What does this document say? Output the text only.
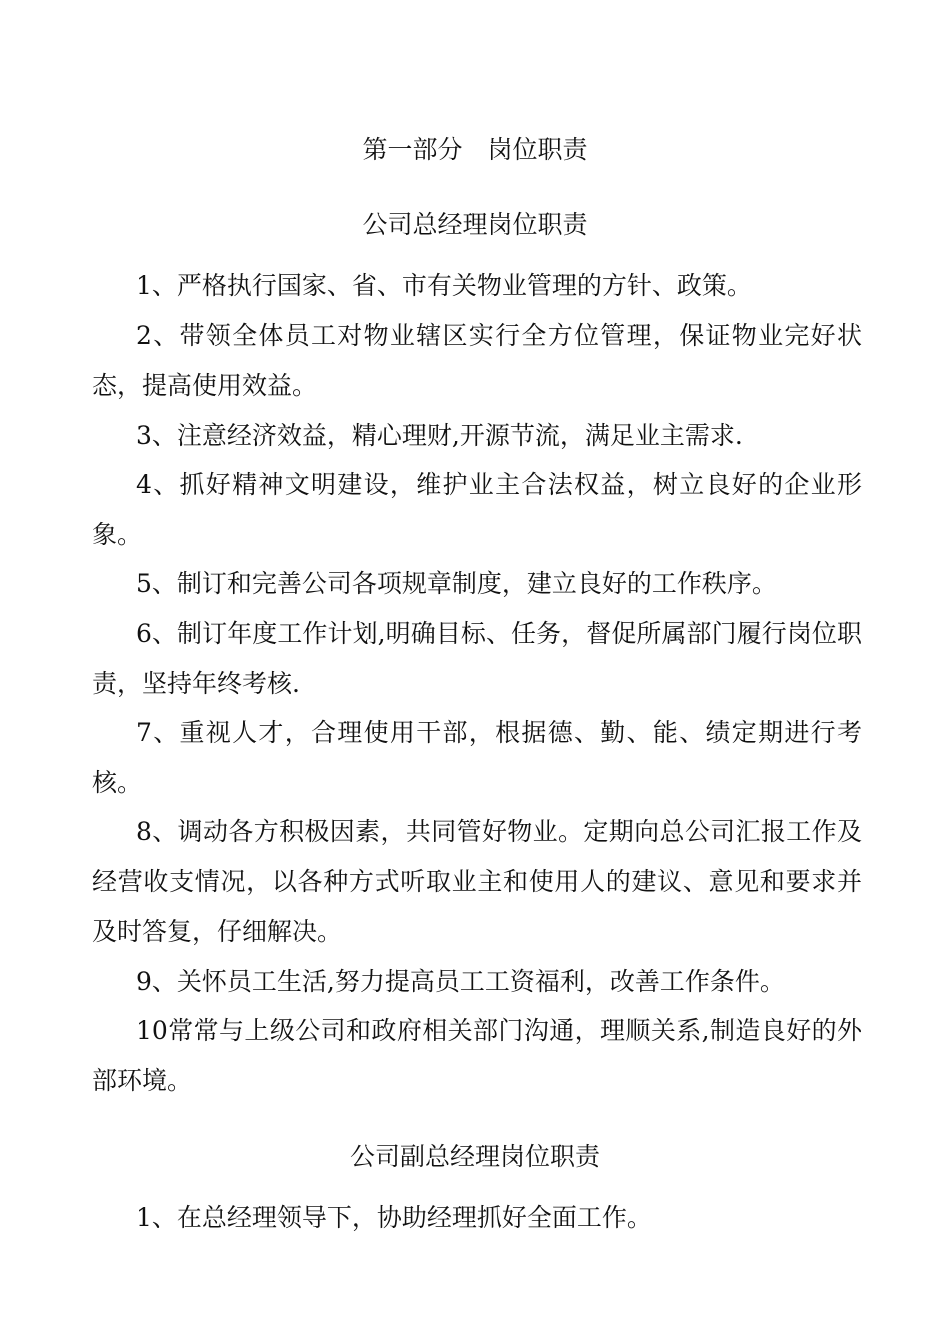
第一部分　岗位职责
公司总经理岗位职责
1、严格执行国家、省、市有关物业管理的方针、政策。
2、带领全体员工对物业辖区实行全方位管理，保证物业完好状态，提高使用效益。
3、注意经济效益，精心理财,开源节流，满足业主需求.
4、抓好精神文明建设，维护业主合法权益，树立良好的企业形象。
5、制订和完善公司各项规章制度，建立良好的工作秩序。
6、制订年度工作计划,明确目标、任务，督促所属部门履行岗位职责，坚持年终考核.
7、重视人才，合理使用干部，根据德、勤、能、绩定期进行考核。
8、调动各方积极因素，共同管好物业。定期向总公司汇报工作及经营收支情况，以各种方式听取业主和使用人的建议、意见和要求并及时答复，仔细解决。
9、关怀员工生活,努力提高员工工资福利，改善工作条件。
10常常与上级公司和政府相关部门沟通，理顺关系,制造良好的外部环境。
公司副总经理岗位职责
1、在总经理领导下，协助经理抓好全面工作。
